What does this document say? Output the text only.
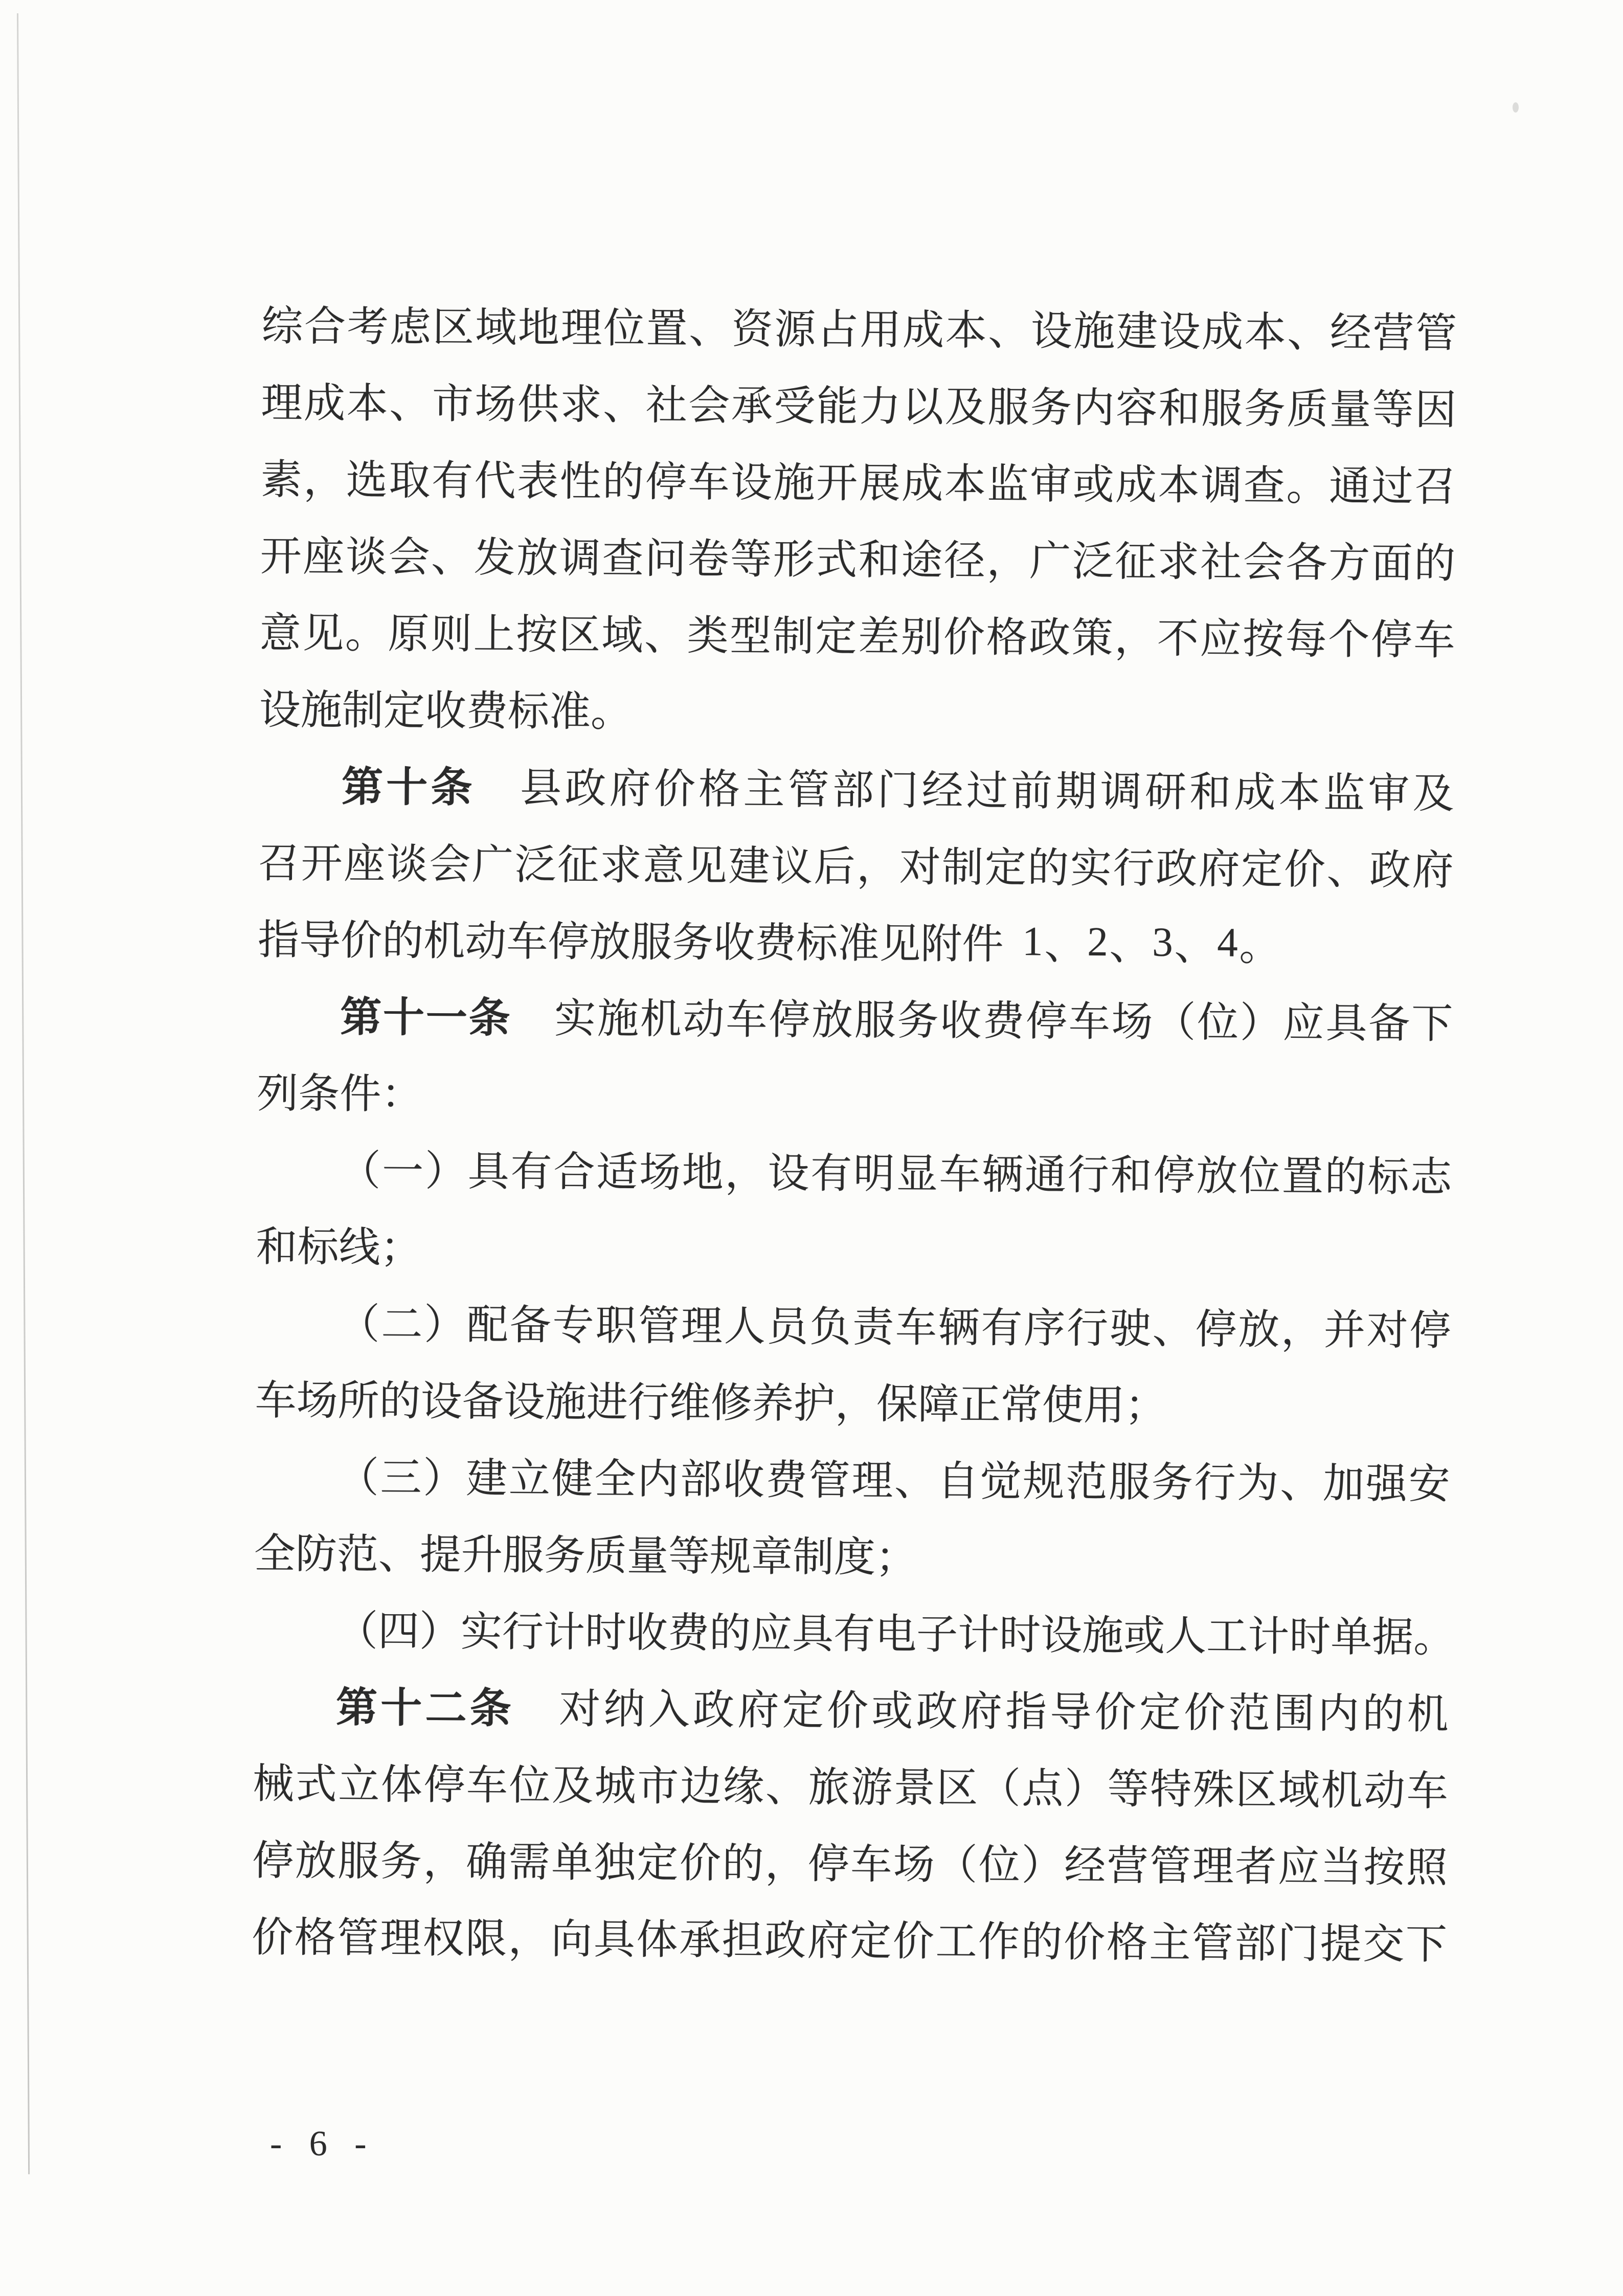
综 合 考 虑 区 域 地 理 位 置 、 资 源 占 用 成 本 、 设 施 建 设 成 本 、 经 营 管
理 成 本 、 市 场 供 求 、 社 会 承 受 能 力 以 及 服 务 内 容 和 服 务 质 量 等 因
素 ， 选 取 有 代 表 性 的 停 车 设 施 开 展 成 本 监 审 或 成 本 调 查 。 通 过 召
开 座 谈 会 、 发 放 调 查 问 卷 等 形 式 和 途 径 ， 广 泛 征 求 社 会 各 方 面 的
意 见 。 原 则 上 按 区 域 、 类 型 制 定 差 别 价 格 政 策 ， 不 应 按 每 个 停 车
设 施 制 定 收 费 标 准 。
第 十 条 县 政 府 价 格 主 管 部 门 经 过 前 期 调 研 和 成 本 监 审 及
召 开 座 谈 会 广 泛 征 求 意 见 建 议 后 ， 对 制 定 的 实 行 政 府 定 价 、 政 府
指 导 价 的 机 动 车 停 放 服 务 收 费 标 准 见 附 件 1 、 2 、 3 、 4 。
第 十 一 条 实 施 机 动 车 停 放 服 务 收 费 停 车 场 （ 位 ） 应 具 备 下
列 条 件 ：
（ 一 ） 具 有 合 适 场 地 ， 设 有 明 显 车 辆 通 行 和 停 放 位 置 的 标 志
和 标 线 ；
（ 二 ） 配 备 专 职 管 理 人 员 负 责 车 辆 有 序 行 驶 、 停 放 ， 并 对 停
车 场 所 的 设 备 设 施 进 行 维 修 养 护 ， 保 障 正 常 使 用 ；
（ 三 ） 建 立 健 全 内 部 收 费 管 理 、 自 觉 规 范 服 务 行 为 、 加 强 安
全 防 范 、 提 升 服 务 质 量 等 规 章 制 度 ；
（ 四 ） 实 行 计 时 收 费 的 应 具 有 电 子 计 时 设 施 或 人 工 计 时 单 据 。
第 十 二 条 对 纳 入 政 府 定 价 或 政 府 指 导 价 定 价 范 围 内 的 机
械 式 立 体 停 车 位 及 城 市 边 缘 、 旅 游 景 区 （ 点 ） 等 特 殊 区 域 机 动 车
停 放 服 务 ， 确 需 单 独 定 价 的 ， 停 车 场 （ 位 ） 经 营 管 理 者 应 当 按 照
价 格 管 理 权 限 ， 向 具 体 承 担 政 府 定 价 工 作 的 价 格 主 管 部 门 提 交 下
- 6 -
